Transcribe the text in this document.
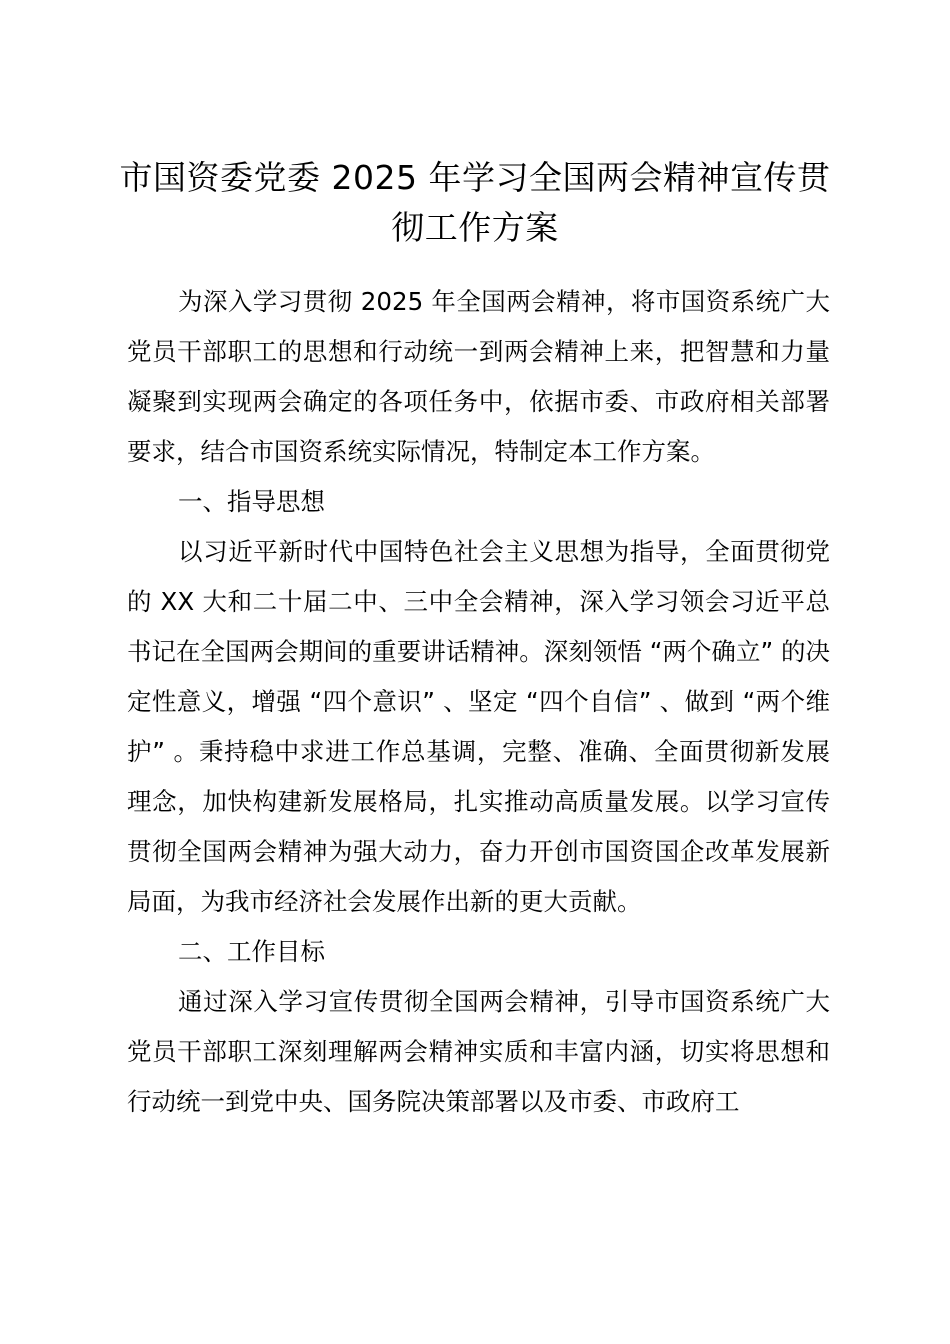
市国资委党委 2025 年学习全国两会精神宣传贯彻工作方案

为深入学习贯彻 2025 年全国两会精神，将市国资系统广大党员干部职工的思想和行动统一到两会精神上来，把智慧和力量凝聚到实现两会确定的各项任务中，依据市委、市政府相关部署要求，结合市国资系统实际情况，特制定本工作方案。

一、指导思想

以习近平新时代中国特色社会主义思想为指导，全面贯彻党的 XX 大和二十届二中、三中全会精神，深入学习领会习近平总书记在全国两会期间的重要讲话精神。深刻领悟 “两个确立” 的决定性意义，增强 “四个意识” 、坚定 “四个自信” 、做到 “两个维护” 。秉持稳中求进工作总基调，完整、准确、全面贯彻新发展理念，加快构建新发展格局，扎实推动高质量发展。以学习宣传贯彻全国两会精神为强大动力，奋力开创市国资国企改革发展新局面，为我市经济社会发展作出新的更大贡献。

二、工作目标

通过深入学习宣传贯彻全国两会精神，引导市国资系统广大党员干部职工深刻理解两会精神实质和丰富内涵，切实将思想和行动统一到党中央、国务院决策部署以及市委、市政府工
